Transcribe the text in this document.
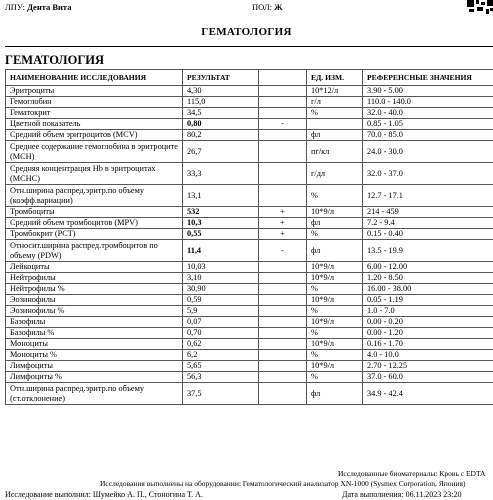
ЛПУ: Дента Вита	ПОЛ: Ж
ГЕМАТОЛОГИЯ
ГЕМАТОЛОГИЯ
НАИМЕНОВАНИЕ ИССЛЕДОВАНИЯ	РЕЗУЛЬТАТ		ЕД. ИЗМ.	РЕФЕРЕНСНЫЕ ЗНАЧЕНИЯ
Эритроциты	4,30		10*12/л	3.90 - 5.00
Гемоглобин	115,0		г/л	110.0 - 140.0
Гематокрит	34,5		%	32.0 - 40.0
Цветной показатель	0,80	-		0.85 - 1.05
Средний объем эритроцитов (MCV)	80,2		фл	70.0 - 85.0
Среднее содержание гемоглобина в эритроците (MCH)	26,7		пг/кл	24.0 - 30.0
Средняя концентрация Hb в эритроцитах (MCHC)	33,3		г/дл	32.0 - 37.0
Отн.ширина распред.эритр.по объему (коэфф.вариации)	13,1		%	12.7 - 17.1
Тромбоциты	532	+	10*9/л	214 - 459
Средний объем тромбоцитов (MPV)	10,3	+	фл	7.2 - 9.4
Тромбокрит (PCT)	0,55	+	%	0.15 - 0.40
Относит.ширина распред.тромбоцитов по объему (PDW)	11,4	-	фл	13.5 - 19.9
Лейкоциты	10,03		10*9/л	6.00 - 12.00
Нейтрофилы	3,10		10*9/л	1.20 - 8.50
Нейтрофилы %	30,90		%	16.00 - 38.00
Эозинофилы	0,59		10*9/л	0.05 - 1.19
Эозинофилы %	5,9		%	1.0 - 7.0
Базофилы	0,07		10*9/л	0.00 - 0.20
Базофилы %	0,70		%	0.00 - 1.20
Моноциты	0,62		10*9/л	0.16 - 1.70
Моноциты %	6,2		%	4.0 - 10.0
Лимфоциты	5,65		10*9/л	2.70 - 12.25
Лимфоциты %	56,3		%	37.0 - 60.0
Отн.ширина распред.эритр.по объему (ст.отклонение)	37,5		фл	34.9 - 42.4
Исследованные биоматериалы: Кровь с EDTA
Исследования выполнены на оборудовании: Гематологический анализатор XN-1000 (Sysmex Corporation, Япония)
Дата выполнения: 06.11.2023 23:20
Исследование выполнил: Шумейко А. П., Стоногина Т. А.
